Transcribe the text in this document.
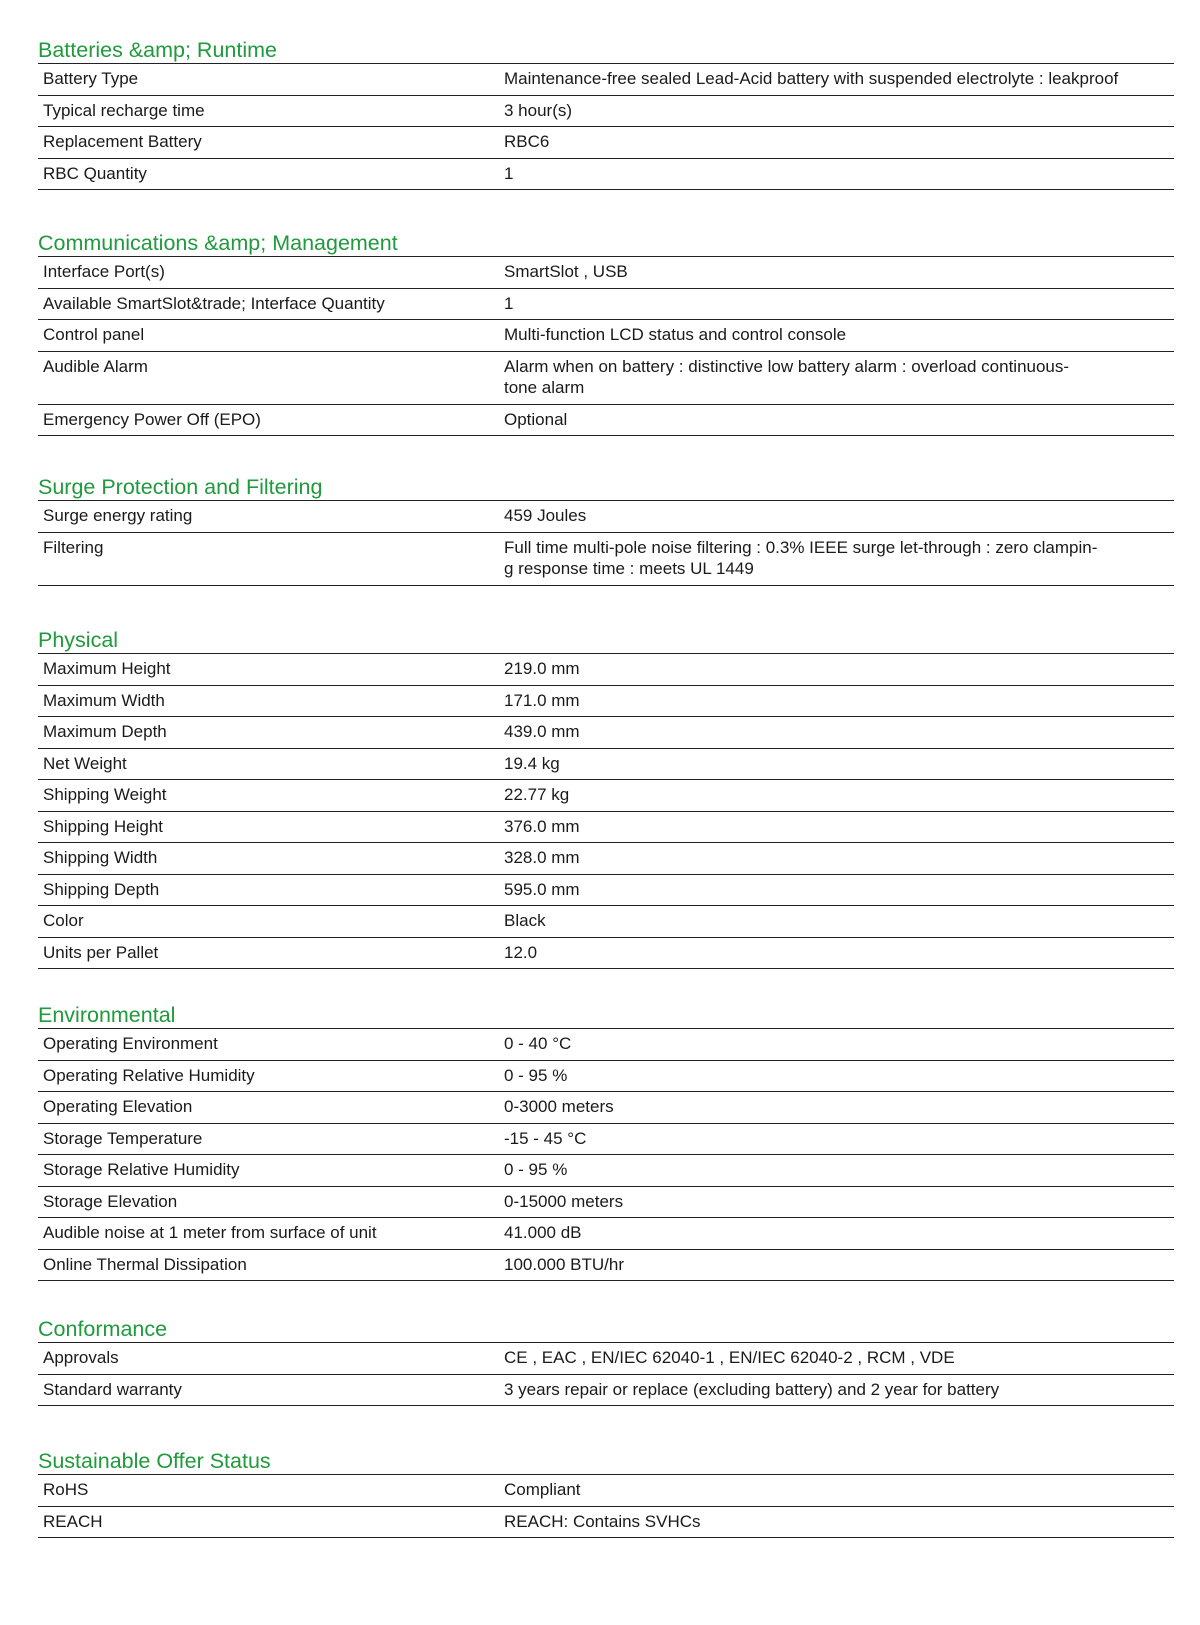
Batteries &amp; Runtime
Battery Type	Maintenance-free sealed Lead-Acid battery with suspended electrolyte : leakproof
Typical recharge time	3 hour(s)
Replacement Battery	RBC6
RBC Quantity	1
Communications &amp; Management
Interface Port(s)	SmartSlot , USB
Available SmartSlot&trade; Interface Quantity	1
Control panel	Multi-function LCD status and control console
Audible Alarm	Alarm when on battery : distinctive low battery alarm : overload continuous-
tone alarm
Emergency Power Off (EPO)	Optional
Surge Protection and Filtering
Surge energy rating	459 Joules
Filtering	Full time multi-pole noise filtering : 0.3% IEEE surge let-through : zero clampin-
g response time : meets UL 1449
Physical
Maximum Height	219.0 mm
Maximum Width	171.0 mm
Maximum Depth	439.0 mm
Net Weight	19.4 kg
Shipping Weight	22.77 kg
Shipping Height	376.0 mm
Shipping Width	328.0 mm
Shipping Depth	595.0 mm
Color	Black
Units per Pallet	12.0
Environmental
Operating Environment	0 - 40 °C
Operating Relative Humidity	0 - 95 %
Operating Elevation	0-3000 meters
Storage Temperature	-15 - 45 °C
Storage Relative Humidity	0 - 95 %
Storage Elevation	0-15000 meters
Audible noise at 1 meter from surface of unit	41.000 dB
Online Thermal Dissipation	100.000 BTU/hr
Conformance
Approvals	CE , EAC , EN/IEC 62040-1 , EN/IEC 62040-2 , RCM , VDE
Standard warranty	3 years repair or replace (excluding battery) and 2 year for battery
Sustainable Offer Status
RoHS	Compliant
REACH	REACH: Contains SVHCs
